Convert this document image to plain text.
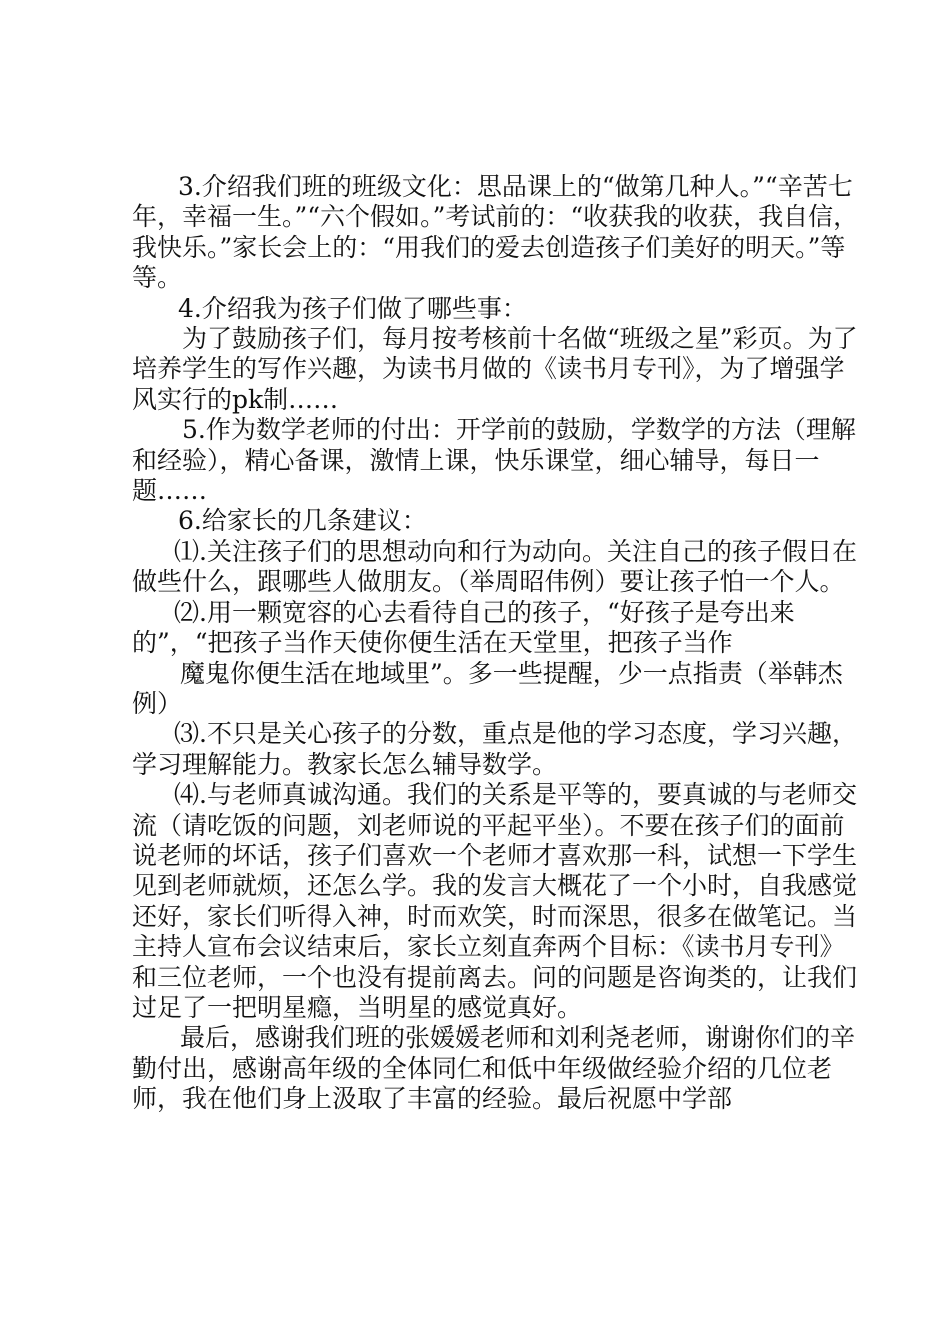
3.介绍我们班的班级文化：思品课上的“做第几种人。”“辛苦七年，幸福一生。”“六个假如。”考试前的：“收获我的收获，我自信，我快乐。”家长会上的：“用我们的爱去创造孩子们美好的明天。”等等。

4.介绍我为孩子们做了哪些事：

为了鼓励孩子们，每月按考核前十名做“班级之星”彩页。为了培养学生的写作兴趣，为读书月做的《读书月专刊》，为了增强学风实行的pk制……

5.作为数学老师的付出：开学前的鼓励，学数学的方法（理解和经验），精心备课，激情上课，快乐课堂，细心辅导，每日一题……

6.给家长的几条建议：

⑴.关注孩子们的思想动向和行为动向。关注自己的孩子假日在做些什么，跟哪些人做朋友。（举周昭伟例）要让孩子怕一个人。

⑵.用一颗宽容的心去看待自己的孩子，“好孩子是夸出来的”，“把孩子当作天使你便生活在天堂里，把孩子当作

魔鬼你便生活在地域里”。多一些提醒，少一点指责（举韩杰例）

⑶.不只是关心孩子的分数，重点是他的学习态度，学习兴趣，学习理解能力。教家长怎么辅导数学。

⑷.与老师真诚沟通。我们的关系是平等的，要真诚的与老师交流（请吃饭的问题，刘老师说的平起平坐）。不要在孩子们的面前说老师的坏话，孩子们喜欢一个老师才喜欢那一科，试想一下学生见到老师就烦，还怎么学。我的发言大概花了一个小时，自我感觉还好，家长们听得入神，时而欢笑，时而深思，很多在做笔记。当主持人宣布会议结束后，家长立刻直奔两个目标：《读书月专刊》和三位老师，一个也没有提前离去。问的问题是咨询类的，让我们过足了一把明星瘾，当明星的感觉真好。

最后，感谢我们班的张媛媛老师和刘利尧老师，谢谢你们的辛勤付出，感谢高年级的全体同仁和低中年级做经验介绍的几位老师，我在他们身上汲取了丰富的经验。最后祝愿中学部
